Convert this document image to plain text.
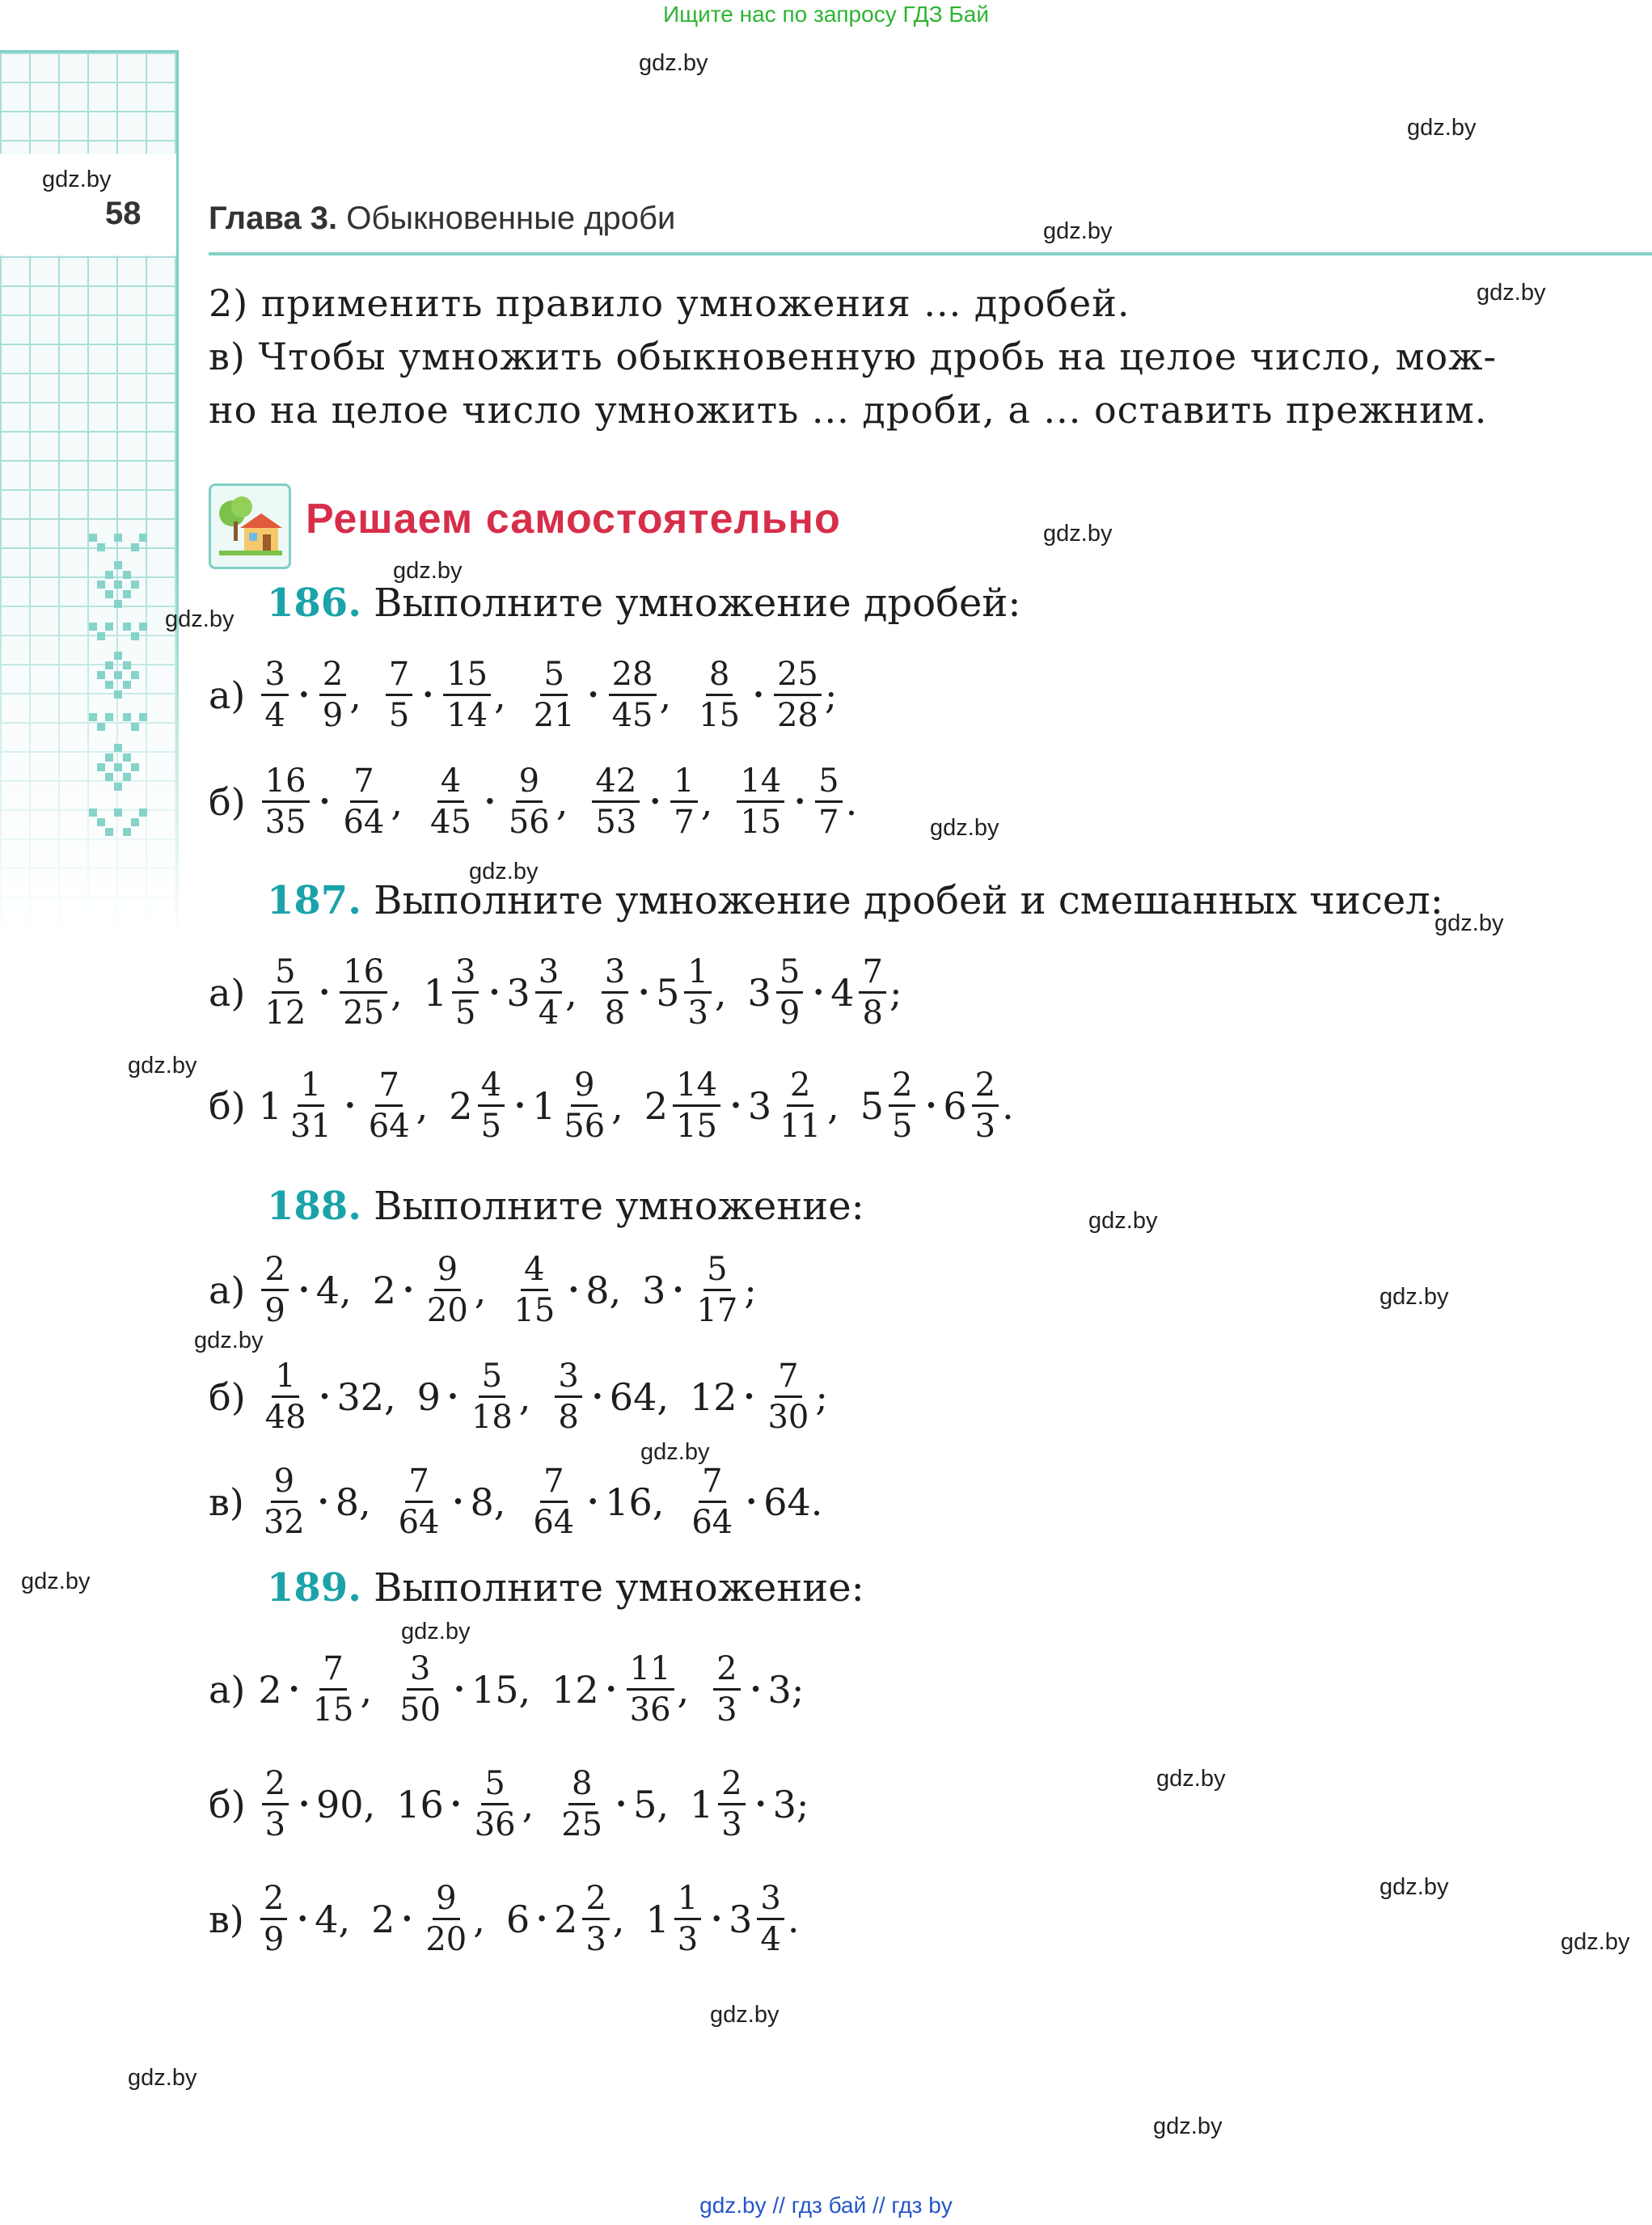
Ищите нас по запросу ГДЗ Бай
58 Глава 3. Обыкновенные дроби
2) применить правило умножения ... дробей.
в) Чтобы умножить обыкновенную дробь на целое число, мож-
но на целое число умножить ... дроби, а ... оставить прежним.
Решаем самостоятельно
186. Выполните умножение дробей:
187. Выполните умножение дробей и смешанных чисел:
188. Выполните умножение:
189. Выполните умножение:
$а) \frac{3}{4} \cdot \frac{2}{9}$ , $\frac{7}{5} \cdot \frac{15}{14}$ , $\frac{5}{21} \cdot \frac{28}{45}$ , $\frac{8}{15} \cdot \frac{25}{28}$ ;
$б) \frac{16}{35} \cdot \frac{7}{64}$ , $\frac{4}{45} \cdot \frac{9}{56}$ , $\frac{42}{53} \cdot \frac{1}{7}$ , $\frac{14}{15} \cdot \frac{5}{7}$ .
$а) \frac{5}{12} \cdot \frac{16}{25}$ , $1 \frac{3}{5} \cdot 3 \frac{3}{4}$ , $\frac{3}{8} \cdot 5 \frac{1}{3}$ , $3 \frac{5}{9} \cdot 4 \frac{7}{8}$ ;
б) $1 \frac{1}{31} \cdot \frac{7}{64}$ , $2 \frac{4}{5} \cdot 1 \frac{9}{56}$ , $2 \frac{14}{15} \cdot 3 \frac{2}{11}$ , $5 \frac{2}{5} \cdot 6 \frac{2}{3}$ .
$а) \frac{2}{9} \cdot 4$ , $2 \cdot \frac{9}{20}$ , $\frac{4}{15} \cdot 8$ , $3 \cdot \frac{5}{17}$ ;
$б) \frac{1}{48} \cdot 32$ , $9 \cdot \frac{5}{18}$ , $\frac{3}{8} \cdot 64$ , $12 \cdot \frac{7}{30}$ ;
$в) \frac{9}{32} \cdot 8$ , $\frac{7}{64} \cdot 8$ , $\frac{7}{64} \cdot 16$ , $\frac{7}{64} \cdot 64$ .
а) $2 \cdot \frac{7}{15}$ , $\frac{3}{50} \cdot 15$ , $12 \cdot \frac{11}{36}$ , $\frac{2}{3} \cdot 3$ ;
$б) \frac{2}{3} \cdot 90$ , $16 \cdot \frac{5}{36}$ , $\frac{8}{25} \cdot 5$ , $1 \frac{2}{3} \cdot 3$ ;
$в) \frac{2}{9} \cdot 4$ , $2 \cdot \frac{9}{20}$ , $6 \cdot 2 \frac{2}{3}$ , $1 \frac{1}{3} \cdot 3 \frac{3}{4}$ .
gdz.by
gdz.by
gdz.by
gdz.by
gdz.by
gdz.by
gdz.by
gdz.by
gdz.by
gdz.by
gdz.by
gdz.by
gdz.by
gdz.by
gdz.by
gdz.by
gdz.by
gdz.by
gdz.by
gdz.by
gdz.by
gdz.by
gdz.by
gdz.by
gdz.by // гдз бай // гдз by
